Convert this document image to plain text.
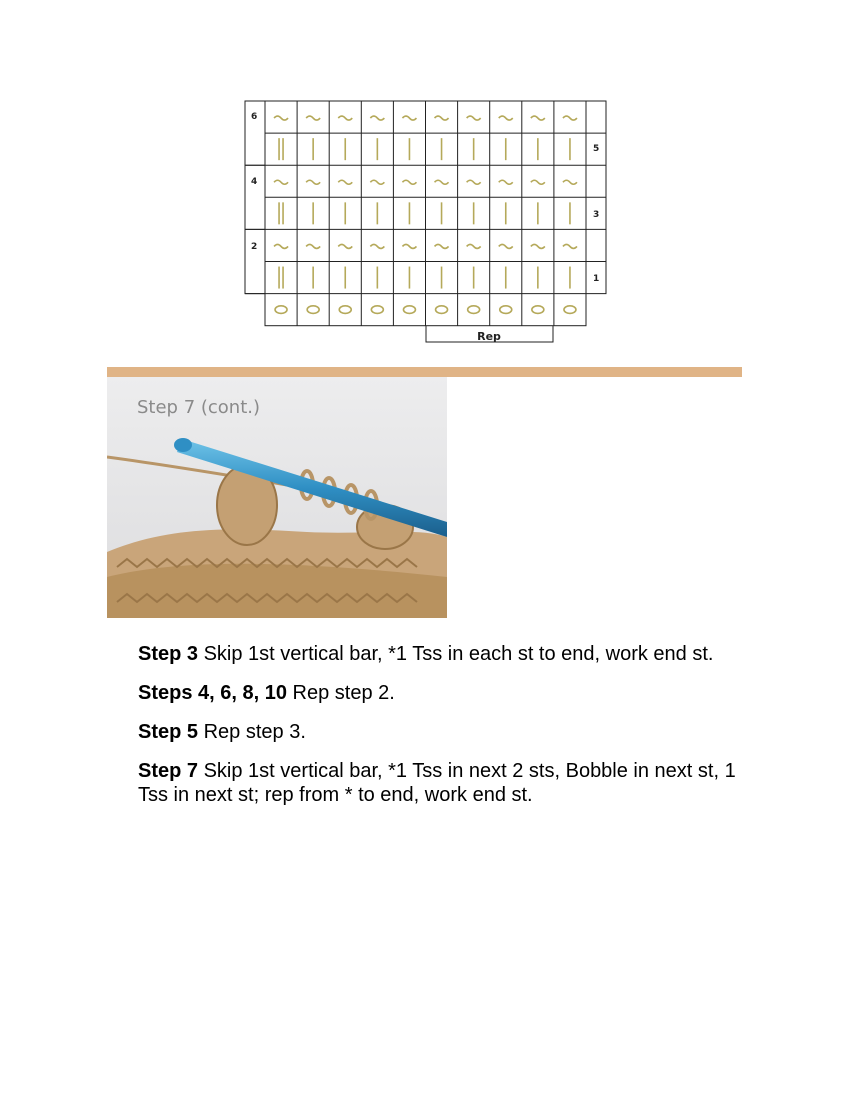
6
5
4
3
2
1
Rep
Step 7 (cont.)

Step 3 Skip 1st vertical bar, *1 Tss in each st to end, work end st.

Steps 4, 6, 8, 10 Rep step 2.

Step 5 Rep step 3.

Step 7 Skip 1st vertical bar, *1 Tss in next 2 sts, Bobble in next st, 1 Tss in next st; rep from * to end, work end st.
